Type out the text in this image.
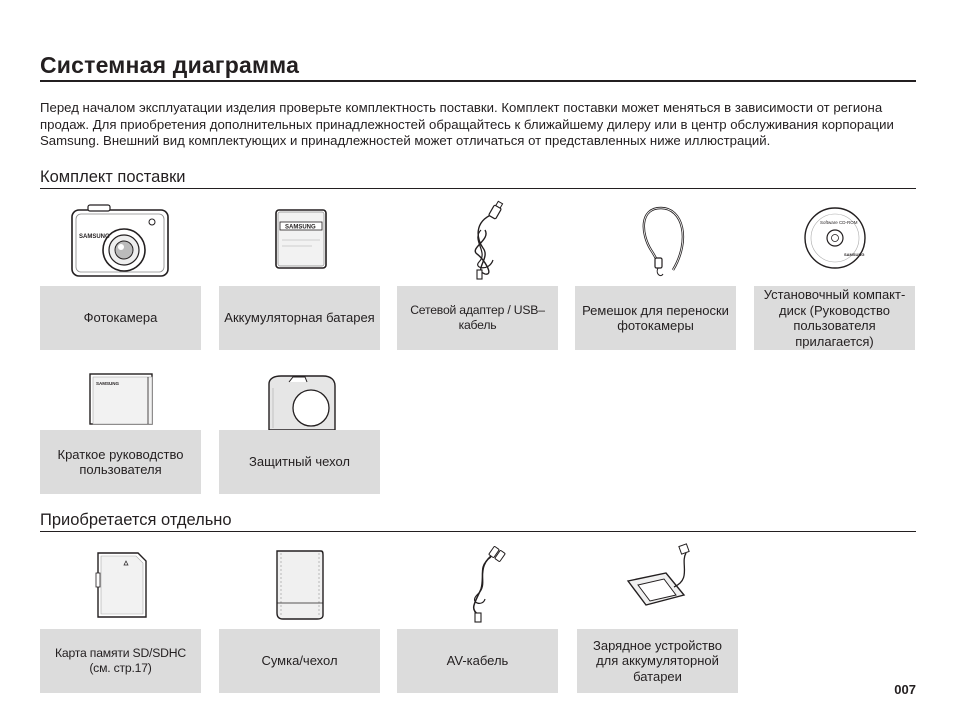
Системная диаграмма
Перед началом эксплуатации изделия проверьте комплектность поставки. Комплект поставки может меняться в зависимости от региона продаж. Для приобретения дополнительных принадлежностей обращайтесь к ближайшему дилеру или в центр обслуживания корпорации Samsung. Внешний вид комплектующих и принадлежностей может отличаться от представленных ниже иллюстраций.
Комплект поставки
SAMSUNG
Фотокамера
SAMSUNG
Аккумуляторная батарея
Сетевой адаптер / USB–кабель
Ремешок для переноски фотокамеры
Software CD-ROM
SAMSUNG
Установочный компакт-диск (Руководство пользователя прилагается)
SAMSUNG
Краткое руководство пользователя
Защитный чехол
Приобретается отдельно
Карта памяти SD/SDHC (см. стр.17)	Сумка/чехол	AV-кабель
Зарядное устройство для аккумуляторной батареи
007
